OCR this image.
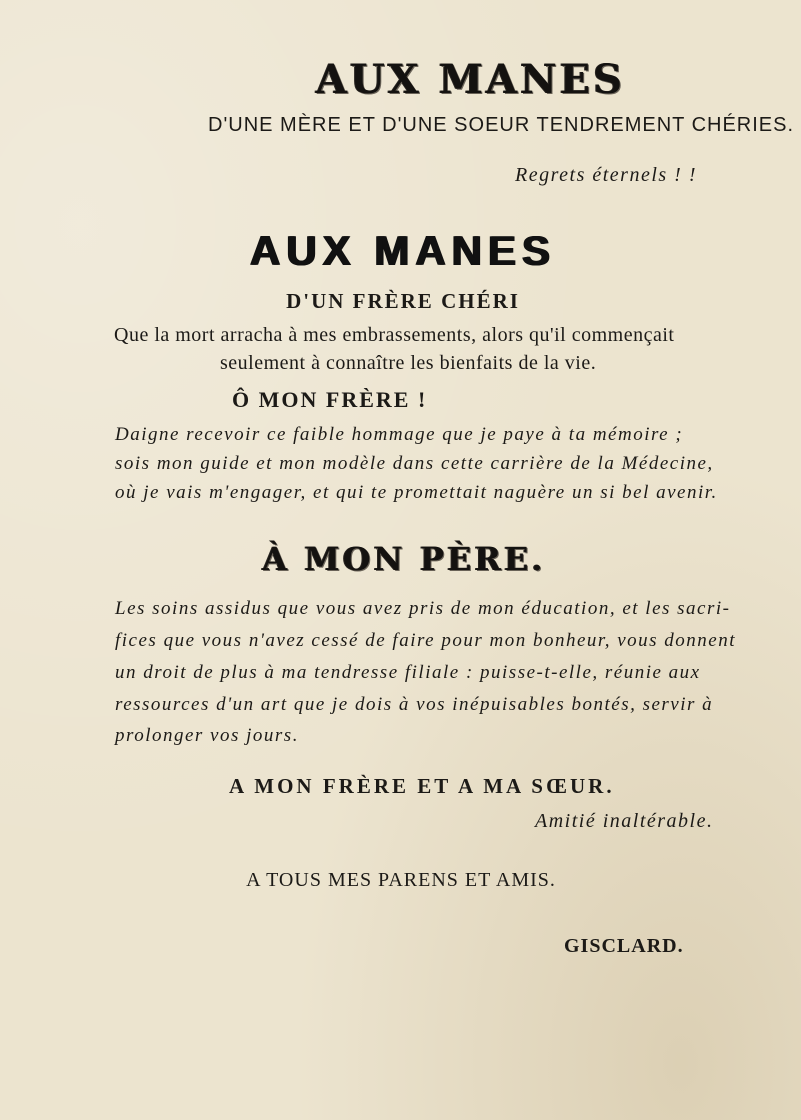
AUX MANES
D'UNE MÈRE ET D'UNE SOEUR TENDREMENT CHÉRIES.
Regrets éternels ! !
AUX MANES
D'UN FRÈRE CHÉRI
Que la mort arracha à mes embrassements, alors qu'il commençait
seulement à connaître les bienfaits de la vie.
Ô MON FRÈRE !
Daigne recevoir ce faible hommage que je paye à ta mémoire ;
sois mon guide et mon modèle dans cette carrière de la Médecine,
où je vais m'engager, et qui te promettait naguère un si bel avenir.
À MON PÈRE.
Les soins assidus que vous avez pris de mon éducation, et les sacri-
fices que vous n'avez cessé de faire pour mon bonheur, vous donnent
un droit de plus à ma tendresse filiale : puisse-t-elle, réunie aux
ressources d'un art que je dois à vos inépuisables bontés, servir à
prolonger vos jours.
A MON FRÈRE ET A MA SŒUR.
Amitié inaltérable.
A TOUS MES PARENS ET AMIS.
GISCLARD.
